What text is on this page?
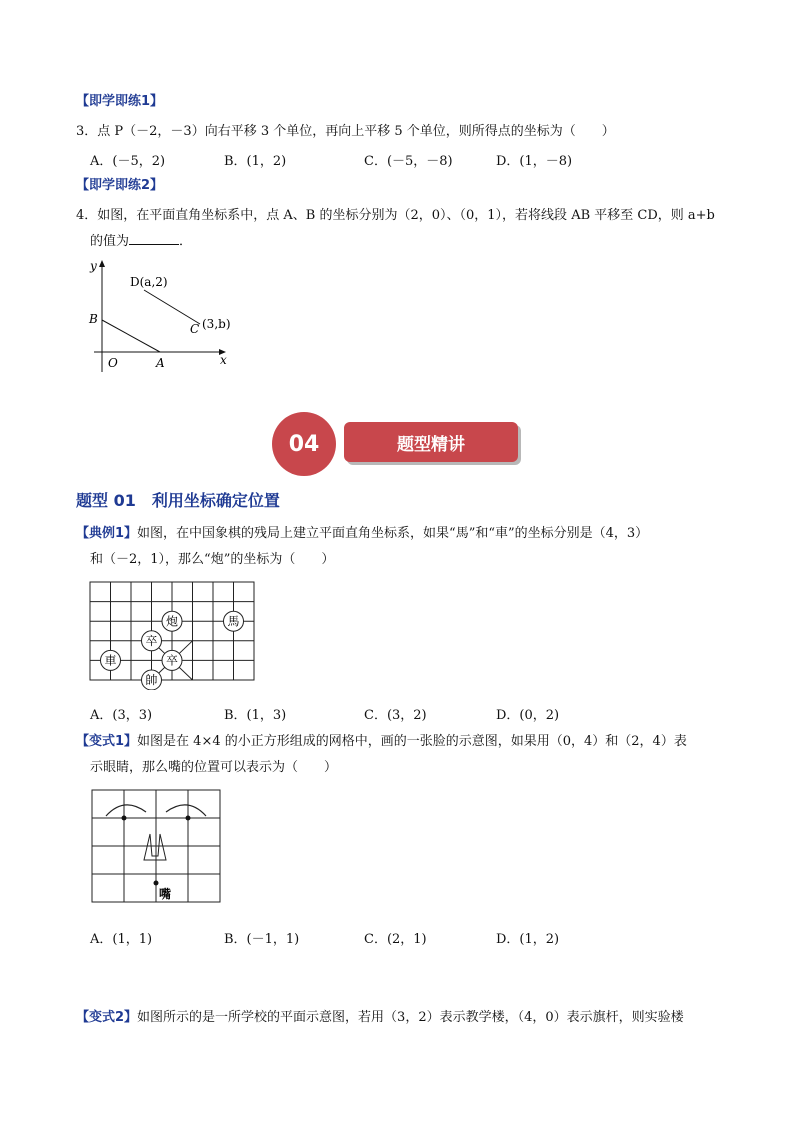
【即学即练1】
3．点 P（－2，－3）向右平移 3 个单位，再向上平移 5 个单位，则所得点的坐标为（　　）
A．(－5，2)	B．(1，2)	C．(－5，－8)	D．(1，－8)
【即学即练2】
4．如图，在平面直角坐标系中，点 A、B 的坐标分别为（2，0）、（0，1），若将线段 AB 平移至 CD，则 a+b
的值为	．
y
x
O	A
B
D(a,2)
C (3,b)
04	题型精讲
题型 01　利用坐标确定位置
【典例1】如图，在中国象棋的残局上建立平面直角坐标系，如果“馬”和“車”的坐标分别是（4，3）
和（－2，1），那么“炮”的坐标为（　　）
炮	馬
卒
卒
車
帥
A．(3，3)	B．(1，3)	C．(3，2)	D．(0，2)
【变式1】如图是在 4×4 的小正方形组成的网格中，画的一张脸的示意图，如果用（0，4）和（2，4）表
示眼睛，那么嘴的位置可以表示为（　　）
嘴
A．(1，1)	B．(－1，1)	C．(2，1)	D．(1，2)
【变式2】如图所示的是一所学校的平面示意图，若用（3，2）表示教学楼，（4，0）表示旗杆，则实验楼
